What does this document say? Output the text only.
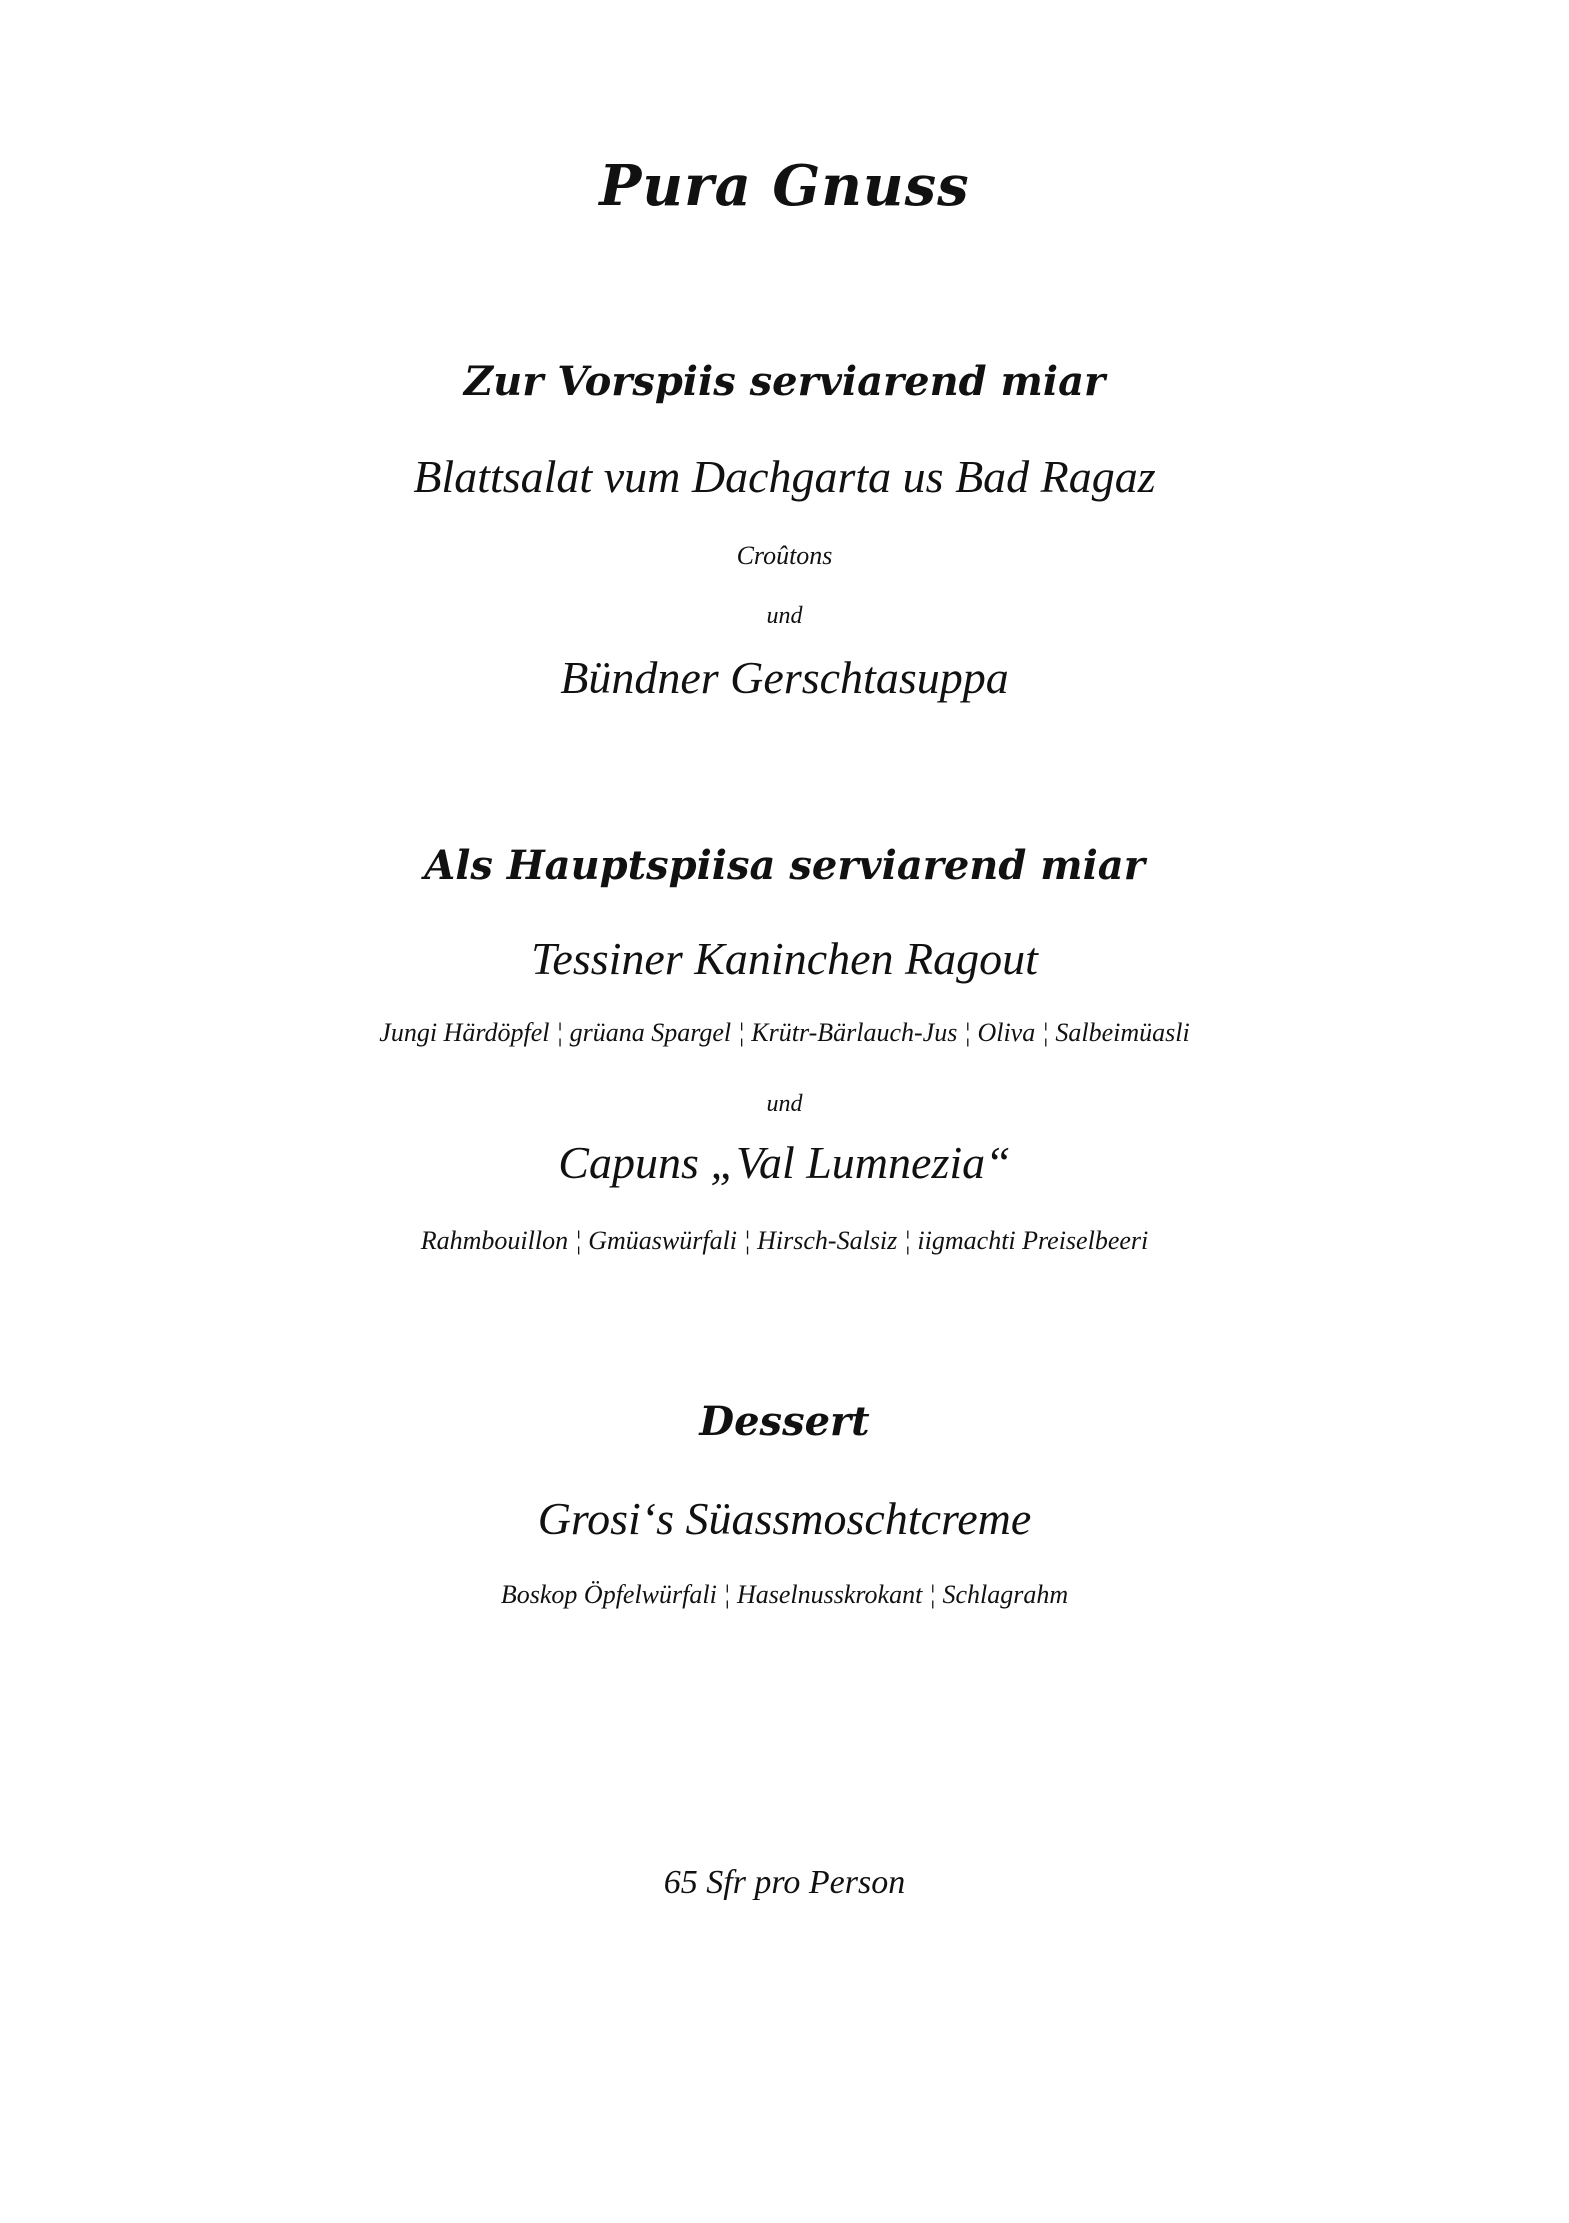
Pura Gnuss
Zur Vorspiis serviarend miar
Blattsalat vum Dachgarta us Bad Ragaz
Croûtons
und
Bündner Gerschtasuppa
Als Hauptspiisa serviarend miar
Tessiner Kaninchen Ragout
Jungi Härdöpfel ¦ grüana Spargel ¦ Krütr-Bärlauch-Jus ¦ Oliva ¦ Salbeimüasli
und
Capuns „Val Lumnezia“
Rahmbouillon ¦ Gmüaswürfali ¦ Hirsch-Salsiz ¦ iigmachti Preiselbeeri
Dessert
Grosi‘s Süassmoschtcreme
Boskop Öpfelwürfali ¦ Haselnusskrokant ¦ Schlagrahm
65 Sfr pro Person
